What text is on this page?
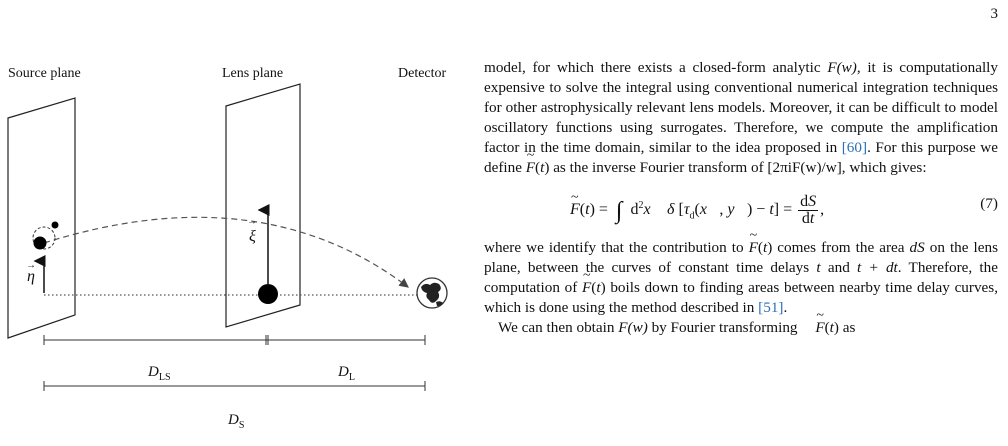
3
Source plane	Lens plane	Detector
→
η
→
ξ
$D_{LS}$	$D_L$
$D_S$

model, for which there exists a closed-form analytic F(w), it is computationally expensive to solve the integral using conventional numerical integration techniques for other astrophysically relevant lens models. Moreover, it can be difficult to model oscillatory functions using surrogates. Therefore, we compute the amplification factor in the time domain, similar to the idea proposed in [60]. For this purpose we define ~ F(t) as the inverse Fourier transform of [2πiF(w)/w], which gives:

~ F(t) =  ∫  $d^2x⃗$ δ [$\tau_d(x⃗$, y⃗) − $t] = \frac{dS}{dt}$ ,	(7)

where we identify that the contribution to ~ F(t) comes from the area dS on the lens plane, between the curves of constant time delays t and t + dt. Therefore, the computation of ~ F(t) boils down to finding areas between nearby time delay curves, which is done using the method described in [51].

We can then obtain F(w) by Fourier transforming ~ F(t) as
